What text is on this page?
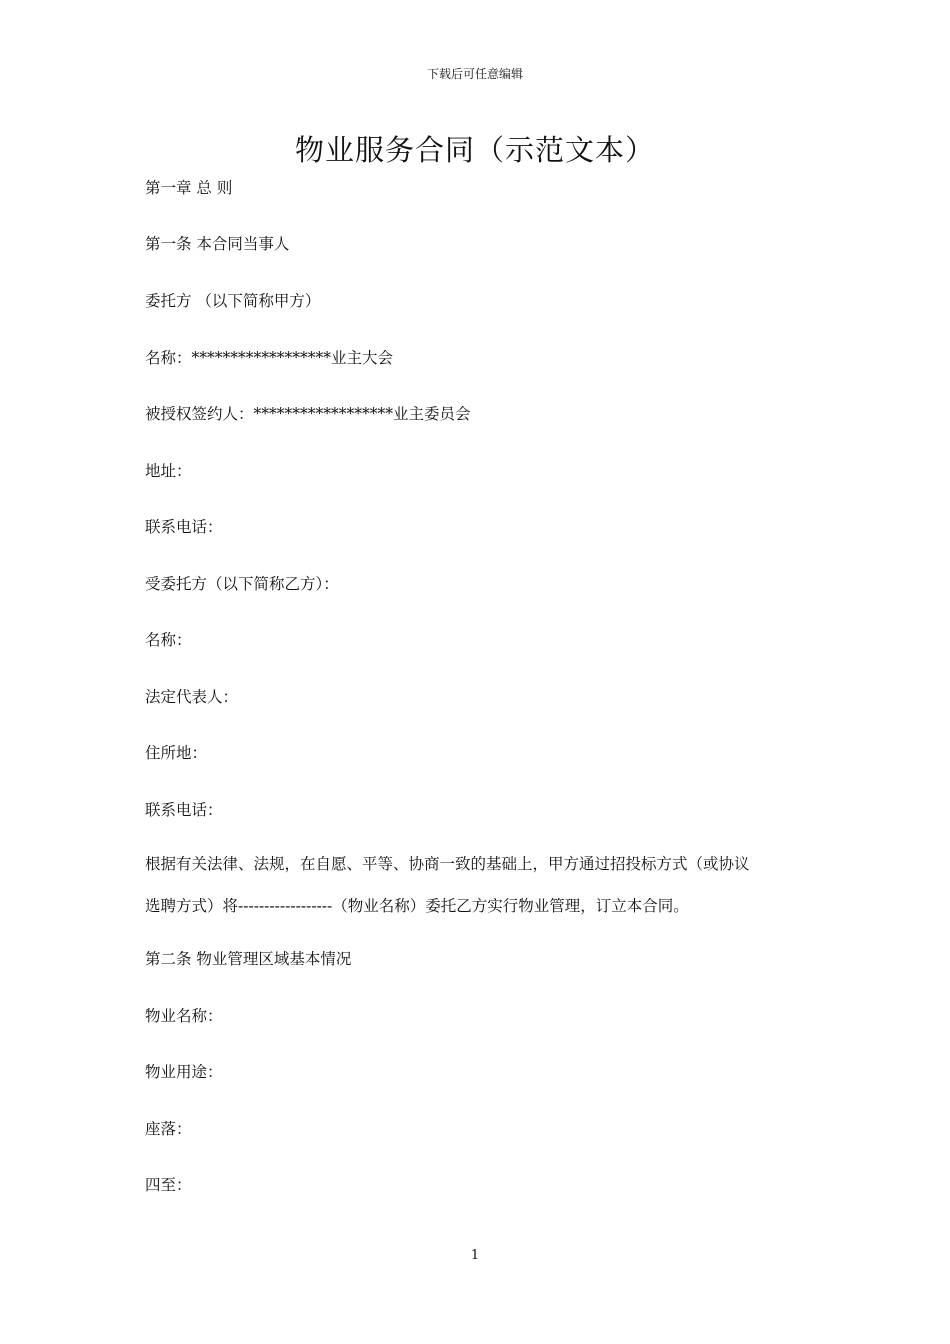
下载后可任意编辑
物业服务合同（示范文本）
第一章 总 则
第一条 本合同当事人
委托方 （以下简称甲方）
名称：******************业主大会
被授权签约人：******************业主委员会
地址：
联系电话：
受委托方（以下简称乙方）：
名称：
法定代表人：
住所地：
联系电话：
根据有关法律、法规，在自愿、平等、协商一致的基础上，甲方通过招投标方式（或协议
选聘方式）将------------------（物业名称）委托乙方实行物业管理，订立本合同。
第二条 物业管理区域基本情况
物业名称：
物业用途：
座落：
四至：
1
